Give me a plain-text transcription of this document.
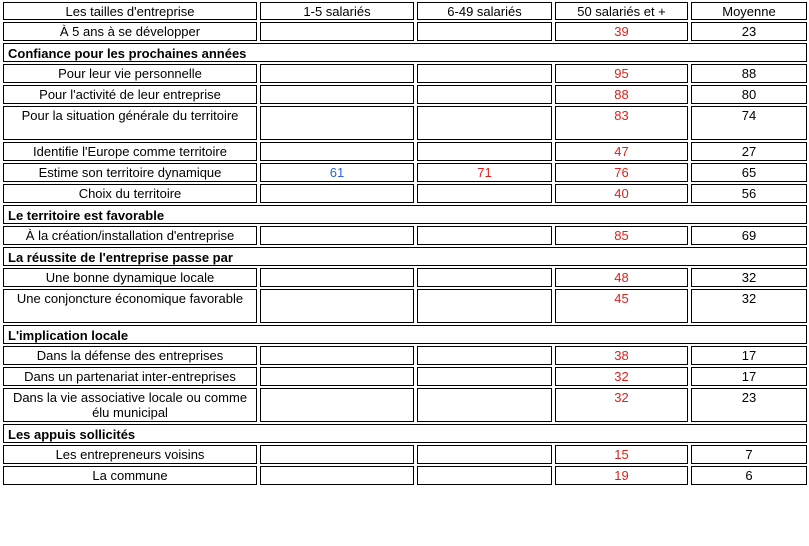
Les tailles d'entreprise	1-5 salariés	6-49 salariés	50 salariés et +	Moyenne
À 5 ans à se développer			39	23
Confiance pour les prochaines années				
Pour leur vie personnelle			95	88
Pour l'activité de leur entreprise			88	80
Pour la situation générale du territoire			83	74
Identifie l'Europe comme territoire			47	27
Estime son territoire dynamique	61	71	76	65
Choix du territoire			40	56
Le territoire est favorable				
À la création/installation d'entreprise			85	69
La réussite de l'entreprise passe par				
Une bonne dynamique locale			48	32
Une conjoncture économique favorable			45	32
L'implication locale				
Dans la défense des entreprises			38	17
Dans un partenariat inter-entreprises			32	17
Dans la vie associative locale ou comme élu municipal			32	23
Les appuis sollicités				
Les entrepreneurs voisins			15	7
La commune			19	6
